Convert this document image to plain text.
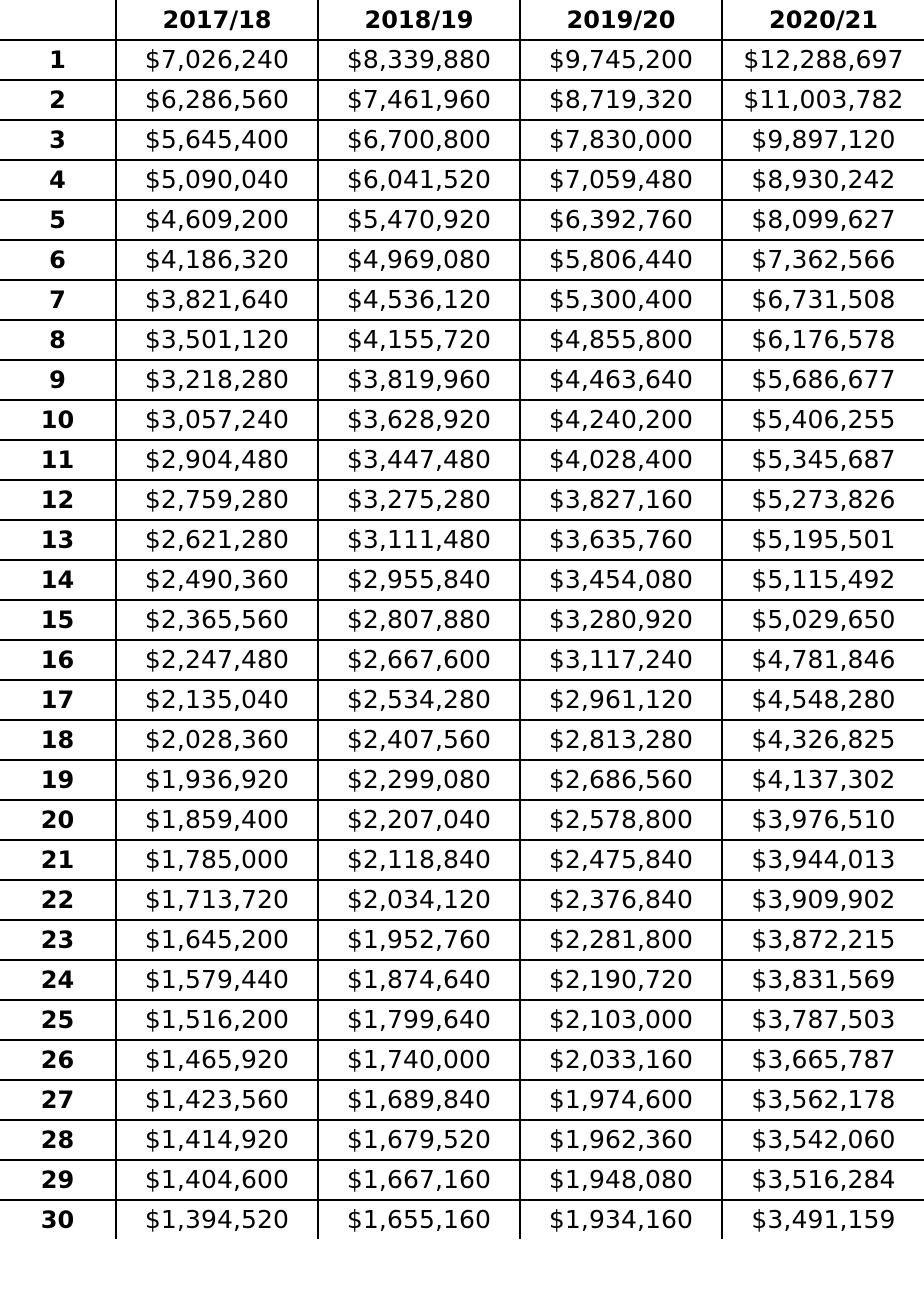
	2017/18	2018/19	2019/20	2020/21
1	$7,026,240	$8,339,880	$9,745,200	$12,288,697
2	$6,286,560	$7,461,960	$8,719,320	$11,003,782
3	$5,645,400	$6,700,800	$7,830,000	$9,897,120
4	$5,090,040	$6,041,520	$7,059,480	$8,930,242
5	$4,609,200	$5,470,920	$6,392,760	$8,099,627
6	$4,186,320	$4,969,080	$5,806,440	$7,362,566
7	$3,821,640	$4,536,120	$5,300,400	$6,731,508
8	$3,501,120	$4,155,720	$4,855,800	$6,176,578
9	$3,218,280	$3,819,960	$4,463,640	$5,686,677
10	$3,057,240	$3,628,920	$4,240,200	$5,406,255
11	$2,904,480	$3,447,480	$4,028,400	$5,345,687
12	$2,759,280	$3,275,280	$3,827,160	$5,273,826
13	$2,621,280	$3,111,480	$3,635,760	$5,195,501
14	$2,490,360	$2,955,840	$3,454,080	$5,115,492
15	$2,365,560	$2,807,880	$3,280,920	$5,029,650
16	$2,247,480	$2,667,600	$3,117,240	$4,781,846
17	$2,135,040	$2,534,280	$2,961,120	$4,548,280
18	$2,028,360	$2,407,560	$2,813,280	$4,326,825
19	$1,936,920	$2,299,080	$2,686,560	$4,137,302
20	$1,859,400	$2,207,040	$2,578,800	$3,976,510
21	$1,785,000	$2,118,840	$2,475,840	$3,944,013
22	$1,713,720	$2,034,120	$2,376,840	$3,909,902
23	$1,645,200	$1,952,760	$2,281,800	$3,872,215
24	$1,579,440	$1,874,640	$2,190,720	$3,831,569
25	$1,516,200	$1,799,640	$2,103,000	$3,787,503
26	$1,465,920	$1,740,000	$2,033,160	$3,665,787
27	$1,423,560	$1,689,840	$1,974,600	$3,562,178
28	$1,414,920	$1,679,520	$1,962,360	$3,542,060
29	$1,404,600	$1,667,160	$1,948,080	$3,516,284
30	$1,394,520	$1,655,160	$1,934,160	$3,491,159
